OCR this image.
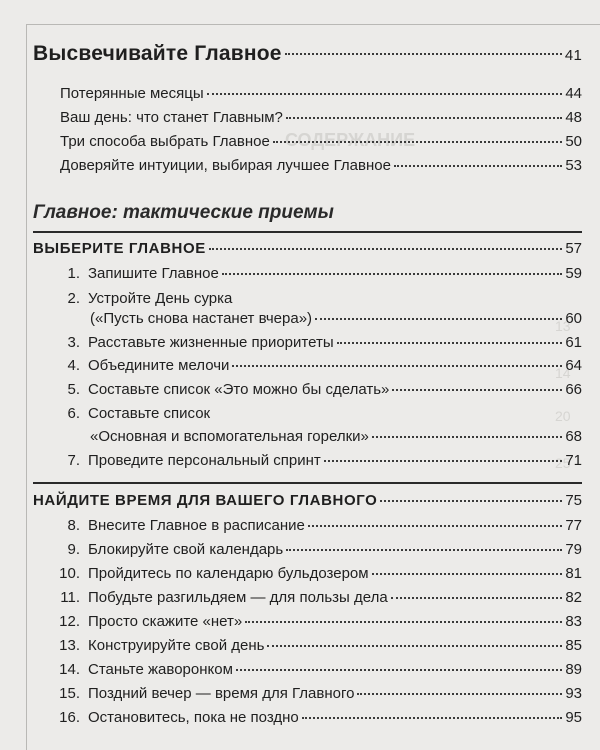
СОДЕРЖАНИЕ
13
14
20
25
Высвечивайте Главное	41
Потерянные месяцы	44
Ваш день: что станет Главным?	48
Три способа выбрать Главное	50
Доверяйте интуиции, выбирая лучшее Главное	53
Главное: тактические приемы
ВЫБЕРИТЕ ГЛАВНОЕ	57
1. Запишите Главное	59
2. Устройте День сурка
(«Пусть снова настанет вчера»)	60
3. Расставьте жизненные приоритеты	61
4. Объедините мелочи	64
5. Составьте список «Это можно бы сделать»	66
6. Составьте список
«Основная и вспомогательная горелки»	68
7. Проведите персональный спринт	71
НАЙДИТЕ ВРЕМЯ ДЛЯ ВАШЕГО ГЛАВНОГО	75
8. Внесите Главное в расписание	77
9. Блокируйте свой календарь	79
10. Пройдитесь по календарю бульдозером	81
11. Побудьте разгильдяем — для пользы дела	82
12. Просто скажите «нет»	83
13. Конструируйте свой день	85
14. Станьте жаворонком	89
15. Поздний вечер — время для Главного	93
16. Остановитесь, пока не поздно	95
